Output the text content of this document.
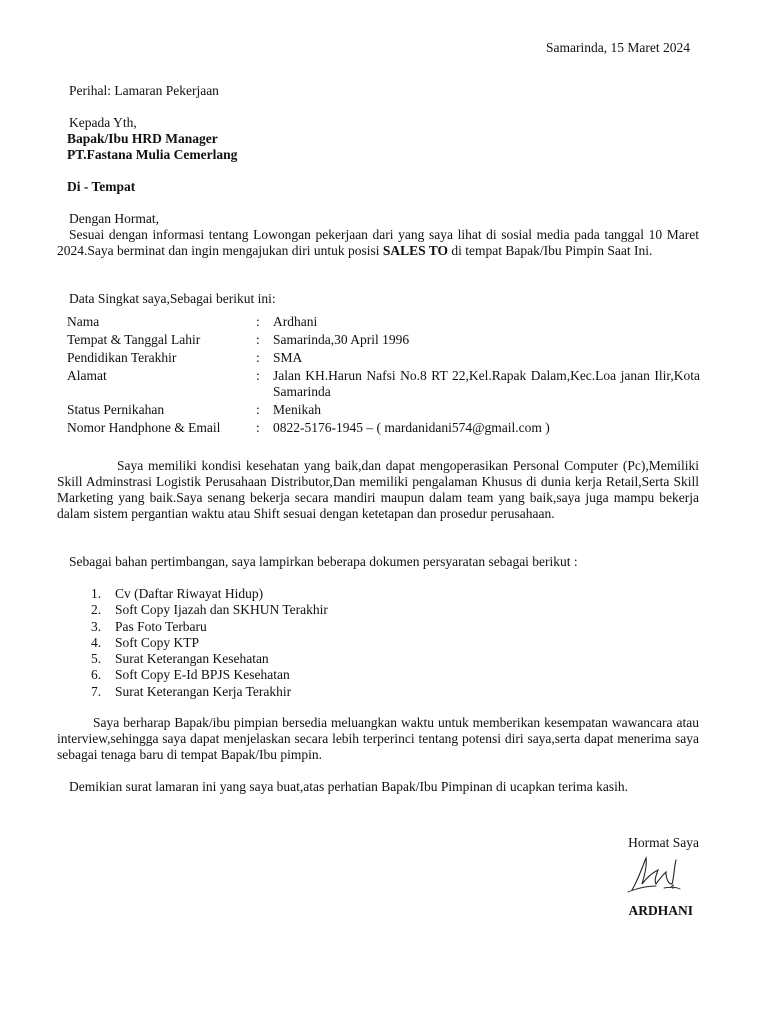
Samarinda, 15 Maret 2024
Perihal: Lamaran Pekerjaan
Kepada Yth,
Bapak/Ibu HRD Manager
PT.Fastana Mulia Cemerlang
Di - Tempat
Dengan Hormat,

Sesuai dengan informasi tentang Lowongan pekerjaan dari yang saya lihat di sosial media pada tanggal 10 Maret 2024.Saya berminat dan ingin mengajukan diri untuk posisi SALES TO di tempat Bapak/Ibu Pimpin Saat Ini.

Data Singkat saya,Sebagai berikut ini:
Nama	: Ardhani
Tempat & Tanggal Lahir	: Samarinda,30 April 1996
Pendidikan Terakhir	: SMA
Alamat	: Jalan KH.Harun Nafsi No.8 RT 22,Kel.Rapak Dalam,Kec.Loa janan Ilir,Kota Samarinda
Status Pernikahan	: Menikah
Nomor Handphone & Email	: 0822-5176-1945 – ( mardanidani574@gmail.com )

Saya memiliki kondisi kesehatan yang baik,dan dapat mengoperasikan Personal Computer (Pc),Memiliki Skill Adminstrasi Logistik Perusahaan Distributor,Dan memiliki pengalaman Khusus di dunia kerja Retail,Serta Skill Marketing yang baik.Saya senang bekerja secara mandiri maupun dalam team yang baik,saya juga mampu bekerja dalam sistem pergantian waktu atau Shift sesuai dengan ketetapan dan prosedur perusahaan.

Sebagai bahan pertimbangan, saya lampirkan beberapa dokumen persyaratan sebagai berikut :
1.	Cv (Daftar Riwayat Hidup)
2.	Soft Copy Ijazah dan SKHUN Terakhir
3.	Pas Foto Terbaru
4.	Soft Copy KTP
5.	Surat Keterangan Kesehatan
6.	Soft Copy E-Id BPJS Kesehatan
7.	Surat Keterangan Kerja Terakhir

Saya berharap Bapak/ibu pimpian bersedia meluangkan waktu untuk memberikan kesempatan wawancara atau interview,sehingga saya dapat menjelaskan secara lebih terperinci tentang potensi diri saya,serta dapat menerima saya sebagai tenaga baru di tempat Bapak/Ibu pimpin.

Demikian surat lamaran ini yang saya buat,atas perhatian Bapak/Ibu Pimpinan di ucapkan terima kasih.
Hormat Saya
ARDHANI
